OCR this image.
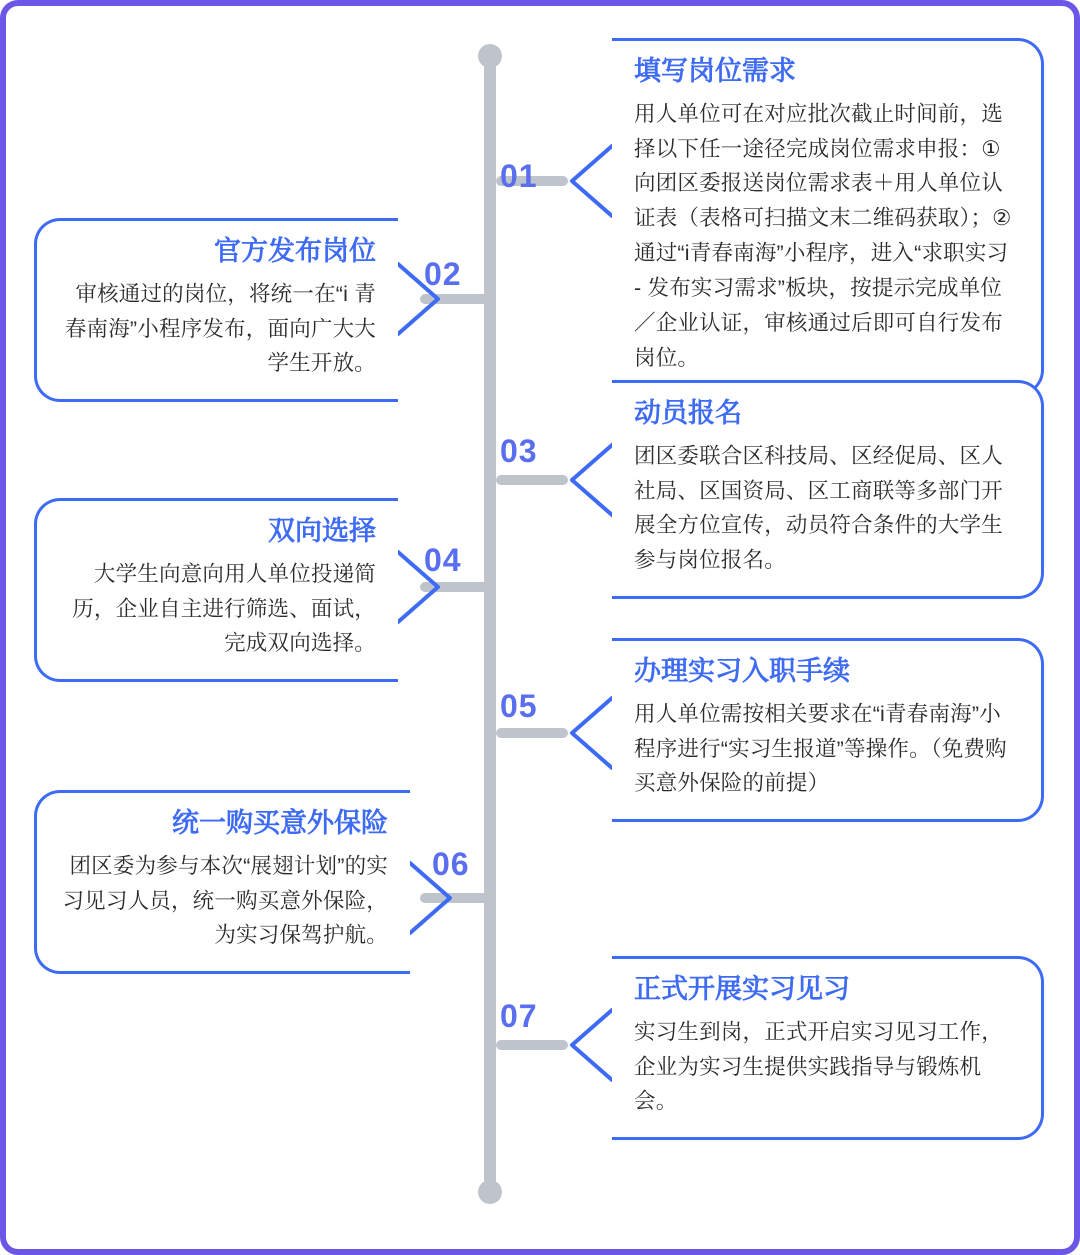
01
填写岗位需求
用人单位可在对应批次截止时间前，选择以下任一途径完成岗位需求申报：①向团区委报送岗位需求表＋用人单位认证表（表格可扫描文末二维码获取）；②通过“i青春南海”小程序，进入“求职实习 - 发布实习需求”板块，按提示完成单位／企业认证，审核通过后即可自行发布岗位。
02
官方发布岗位
审核通过的岗位，将统一在“i 青春南海”小程序发布，面向广大大学生开放。
03
动员报名
团区委联合区科技局、区经促局、区人社局、区国资局、区工商联等多部门开展全方位宣传，动员符合条件的大学生参与岗位报名。
04
双向选择
大学生向意向用人单位投递简历，企业自主进行筛选、面试，完成双向选择。
05
办理实习入职手续
用人单位需按相关要求在“i青春南海”小程序进行“实习生报道”等操作。（免费购买意外保险的前提）
06
统一购买意外保险
团区委为参与本次“展翅计划”的实习见习人员，统一购买意外保险，为实习保驾护航。
07
正式开展实习见习
实习生到岗，正式开启实习见习工作，企业为实习生提供实践指导与锻炼机会。
